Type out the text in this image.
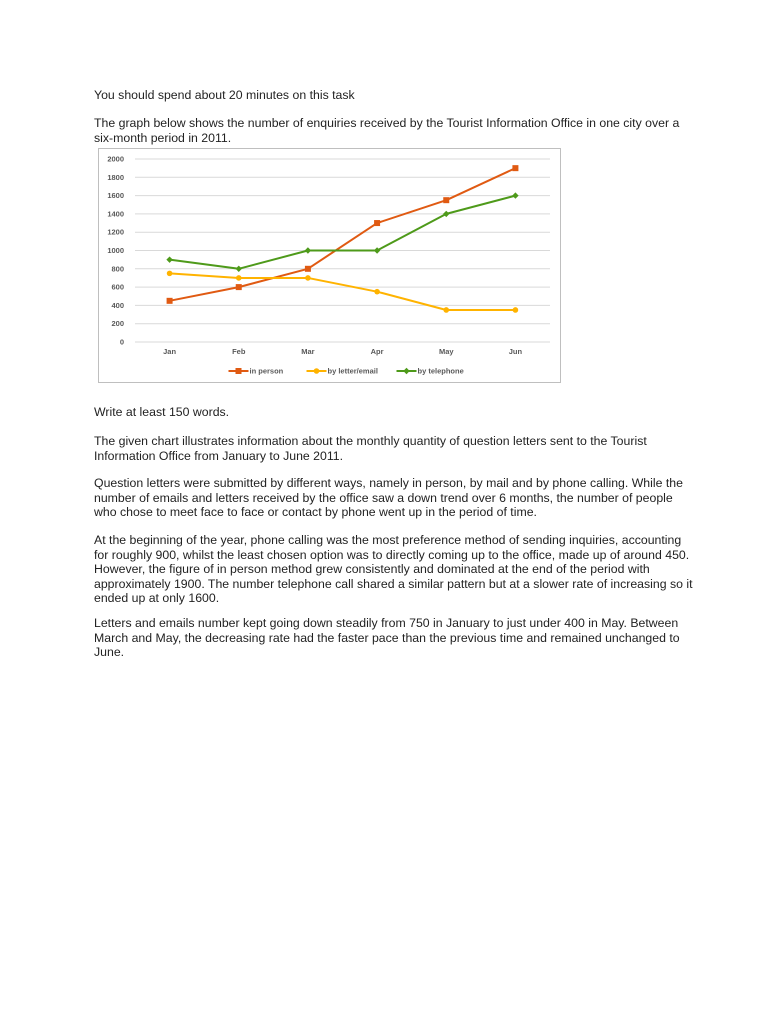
You should spend about 20 minutes on this task

The graph below shows the number of enquiries received by the Tourist Information Office in one city over a six-month period in 2011.

0
200
400
600
800
1000
1200
1400
1600
1800
2000
Jan	Feb	Mar	Apr	May	Jun
in person	by letter/email	by telephone

Write at least 150 words.

The given chart illustrates information about the monthly quantity of question letters sent to the Tourist Information Office from January to June 2011.

Question letters were submitted by different ways, namely in person, by mail and by phone calling. While the number of emails and letters received by the office saw a down trend over 6 months, the number of people who chose to meet face to face or contact by phone went up in the period of time.

At the beginning of the year, phone calling was the most preference method of sending inquiries, accounting for roughly 900, whilst the least chosen option was to directly coming up to the office, made up of around 450. However, the figure of in person method grew consistently and dominated at the end of the period with approximately 1900. The number telephone call shared a similar pattern but at a slower rate of increasing so it ended up at only 1600.

Letters and emails number kept going down steadily from 750 in January to just under 400 in May. Between March and May, the decreasing rate had the faster pace than the previous time and remained unchanged to June.
